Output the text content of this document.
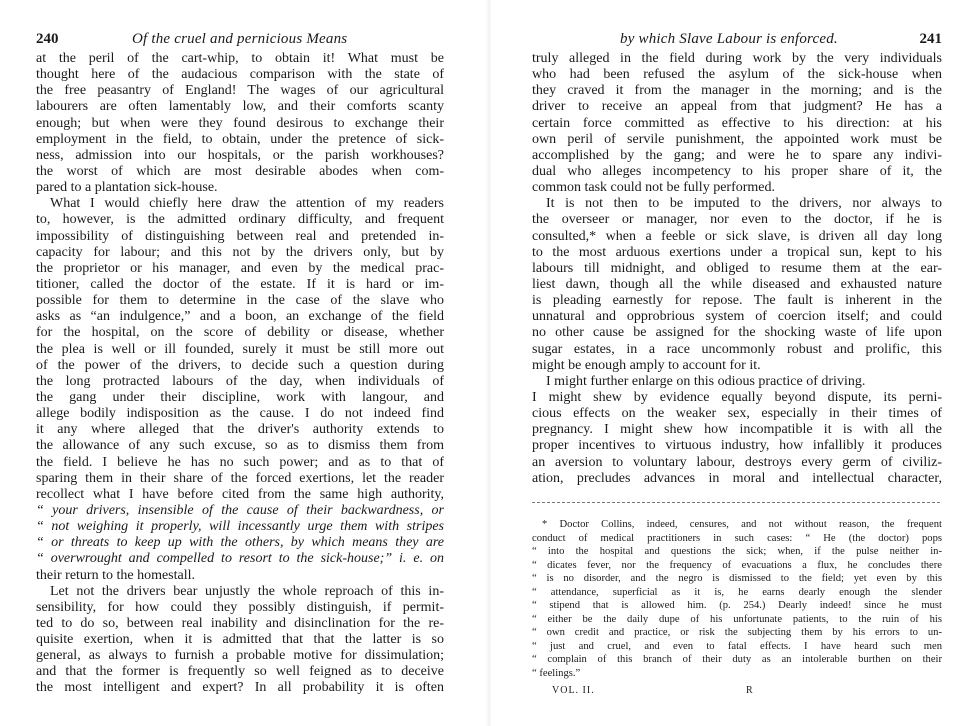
240	Of the cruel and pernicious Means
at the peril of the cart-whip, to obtain it! What must be
thought here of the audacious comparison with the state of
the free peasantry of England! The wages of our agricultural
labourers are often lamentably low, and their comforts scanty
enough; but when were they found desirous to exchange their
employment in the field, to obtain, under the pretence of sick-
ness, admission into our hospitals, or the parish workhouses?
the worst of which are most desirable abodes when com-
pared to a plantation sick-house.
What I would chiefly here draw the attention of my readers
to, however, is the admitted ordinary difficulty, and frequent
impossibility of distinguishing between real and pretended in-
capacity for labour; and this not by the drivers only, but by
the proprietor or his manager, and even by the medical prac-
titioner, called the doctor of the estate. If it is hard or im-
possible for them to determine in the case of the slave who
asks as “an indulgence,” and a boon, an exchange of the field
for the hospital, on the score of debility or disease, whether
the plea is well or ill founded, surely it must be still more out
of the power of the drivers, to decide such a question during
the long protracted labours of the day, when individuals of
the gang under their discipline, work with langour, and
allege bodily indisposition as the cause. I do not indeed find
it any where alleged that the driver's authority extends to
the allowance of any such excuse, so as to dismiss them from
the field. I believe he has no such power; and as to that of
sparing them in their share of the forced exertions, let the reader
recollect what I have before cited from the same high authority,
“ your drivers, insensible of the cause of their backwardness, or
“ not weighing it properly, will incessantly urge them with stripes
“ or threats to keep up with the others, by which means they are
“ overwrought and compelled to resort to the sick-house;” i. e. on
their return to the homestall.
Let not the drivers bear unjustly the whole reproach of this in-
sensibility, for how could they possibly distinguish, if permit-
ted to do so, between real inability and disinclination for the re-
quisite exertion, when it is admitted that that the latter is so
general, as always to furnish a probable motive for dissimulation;
and that the former is frequently so well feigned as to deceive
the most intelligent and expert? In all probability it is often
by which Slave Labour is enforced.	241
truly alleged in the field during work by the very individuals
who had been refused the asylum of the sick-house when
they craved it from the manager in the morning; and is the
driver to receive an appeal from that judgment? He has a
certain force committed as effective to his direction: at his
own peril of servile punishment, the appointed work must be
accomplished by the gang; and were he to spare any indivi-
dual who alleges incompetency to his proper share of it, the
common task could not be fully performed.
It is not then to be imputed to the drivers, nor always to
the overseer or manager, nor even to the doctor, if he is
consulted,* when a feeble or sick slave, is driven all day long
to the most arduous exertions under a tropical sun, kept to his
labours till midnight, and obliged to resume them at the ear-
liest dawn, though all the while diseased and exhausted nature
is pleading earnestly for repose. The fault is inherent in the
unnatural and opprobrious system of coercion itself; and could
no other cause be assigned for the shocking waste of life upon
sugar estates, in a race uncommonly robust and prolific, this
might be enough amply to account for it.
I might further enlarge on this odious practice of driving.
I might shew by evidence equally beyond dispute, its perni-
cious effects on the weaker sex, especially in their times of
pregnancy. I might shew how incompatible it is with all the
proper incentives to virtuous industry, how infallibly it produces
an aversion to voluntary labour, destroys every germ of civiliz-
ation, precludes advances in moral and intellectual character,
* Doctor Collins, indeed, censures, and not without reason, the frequent
conduct of medical practitioners in such cases: “ He (the doctor) pops
“ into the hospital and questions the sick; when, if the pulse neither in-
“ dicates fever, nor the frequency of evacuations a flux, he concludes there
“ is no disorder, and the negro is dismissed to the field; yet even by this
“ attendance, superficial as it is, he earns dearly enough the slender
“ stipend that is allowed him. (p. 254.) Dearly indeed! since he must
“ either be the daily dupe of his unfortunate patients, to the ruin of his
“ own credit and practice, or risk the subjecting them by his errors to un-
“ just and cruel, and even to fatal effects. I have heard such men
“ complain of this branch of their duty as an intolerable burthen on their
“ feelings.”
VOL. II.	R
